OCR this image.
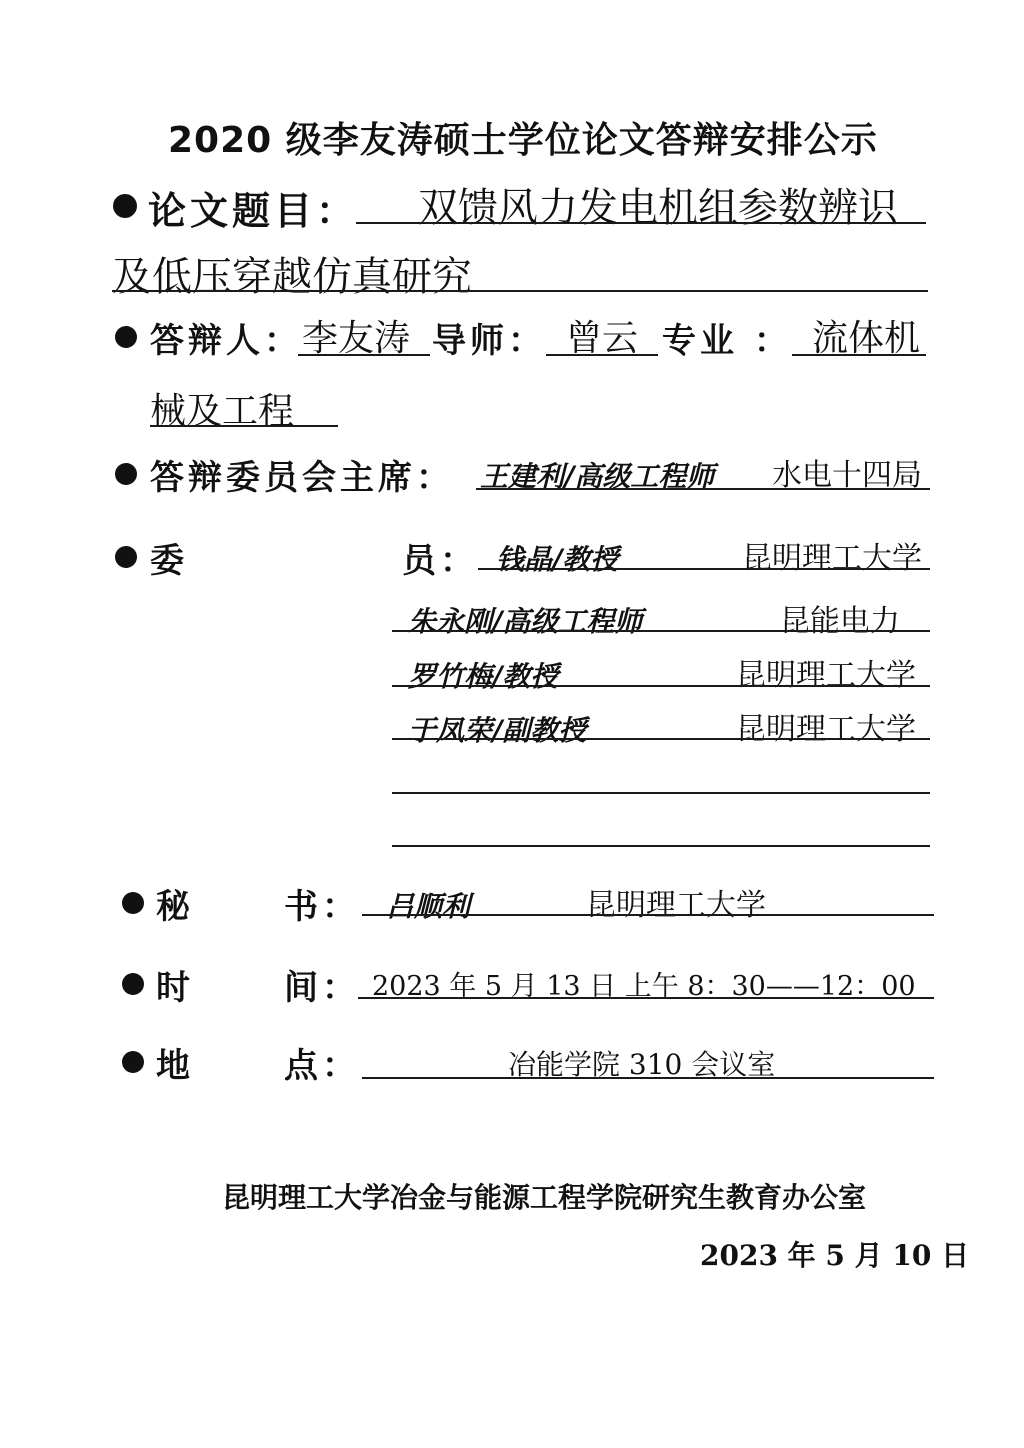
2020 级李友涛硕士学位论文答辩安排公示
论文题目： 双馈风力发电机组参数辨识
及低压穿越仿真研究
答辩人： 李友涛 导师： 曾云 专业 ： 流体机
械及工程
答辩委员会主席： 王建利/高级工程师 水电十四局
委	员： 钱晶/教授	昆明理工大学
朱永刚/高级工程师	昆能电力
罗竹梅/教授	昆明理工大学
于凤荣/副教授	昆明理工大学
秘	书： 吕顺利	昆明理工大学
时	间： 2023 年 5 月 13 日 上午 8：30——12：00
地	点：	冶能学院 310 会议室
昆明理工大学冶金与能源工程学院研究生教育办公室
2023 年 5 月 10 日
